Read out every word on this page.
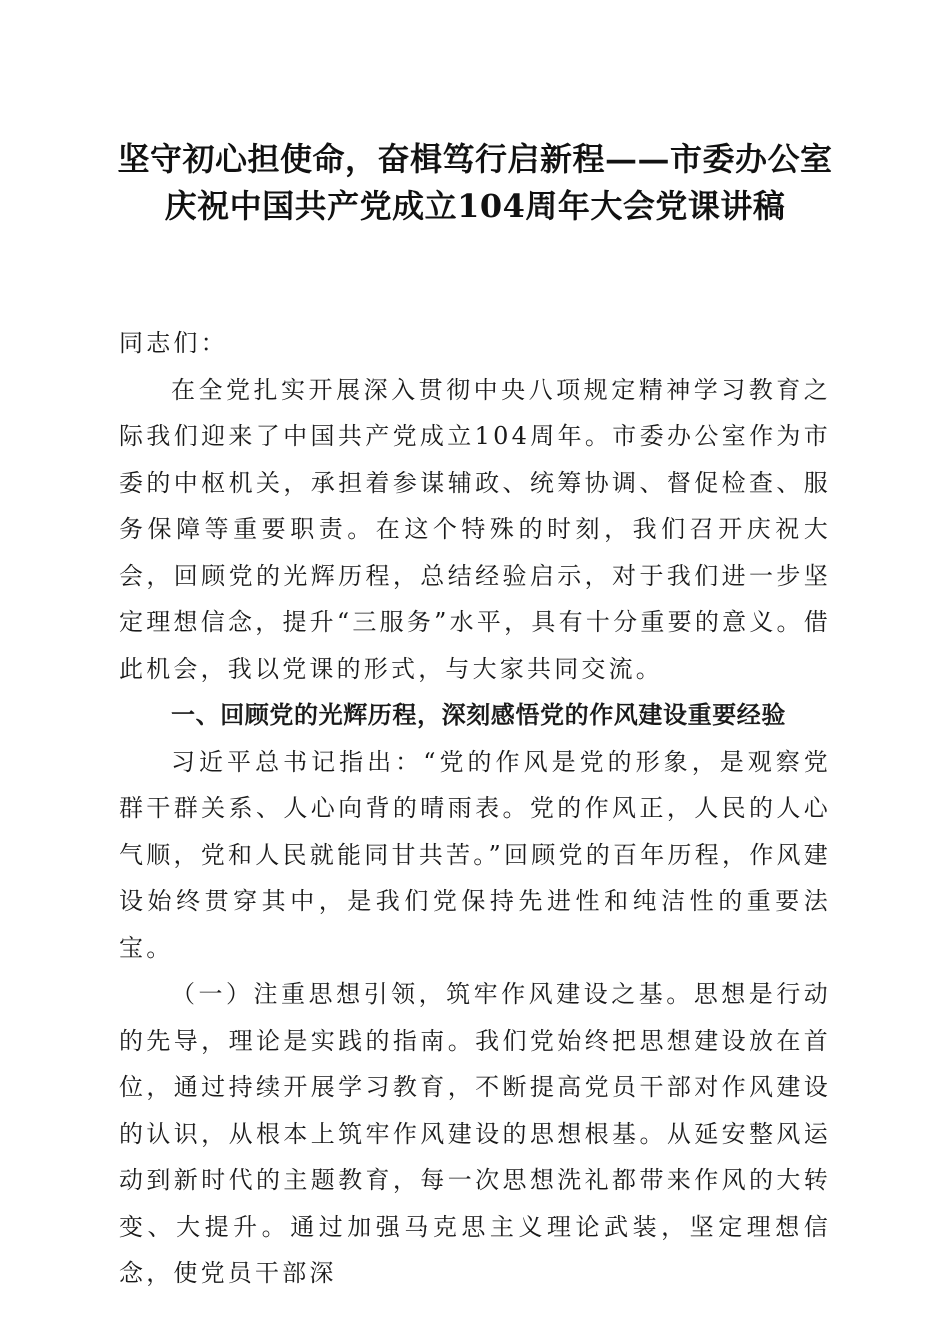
坚守初心担使命，奋楫笃行启新程——市委办公室庆祝中国共产党成立104周年大会党课讲稿

同志们：

在全党扎实开展深入贯彻中央八项规定精神学习教育之际我们迎来了中国共产党成立104周年。市委办公室作为市委的中枢机关，承担着参谋辅政、统筹协调、督促检查、服务保障等重要职责。在这个特殊的时刻，我们召开庆祝大会，回顾党的光辉历程，总结经验启示，对于我们进一步坚定理想信念，提升“三服务”水平，具有十分重要的意义。借此机会，我以党课的形式，与大家共同交流。

一、回顾党的光辉历程，深刻感悟党的作风建设重要经验

习近平总书记指出：“党的作风是党的形象，是观察党群干群关系、人心向背的晴雨表。党的作风正，人民的人心气顺，党和人民就能同甘共苦。”回顾党的百年历程，作风建设始终贯穿其中，是我们党保持先进性和纯洁性的重要法宝。

（一）注重思想引领，筑牢作风建设之基。思想是行动的先导，理论是实践的指南。我们党始终把思想建设放在首位，通过持续开展学习教育，不断提高党员干部对作风建设的认识，从根本上筑牢作风建设的思想根基。从延安整风运动到新时代的主题教育，每一次思想洗礼都带来作风的大转变、大提升。通过加强马克思主义理论武装，坚定理想信念，使党员干部深
